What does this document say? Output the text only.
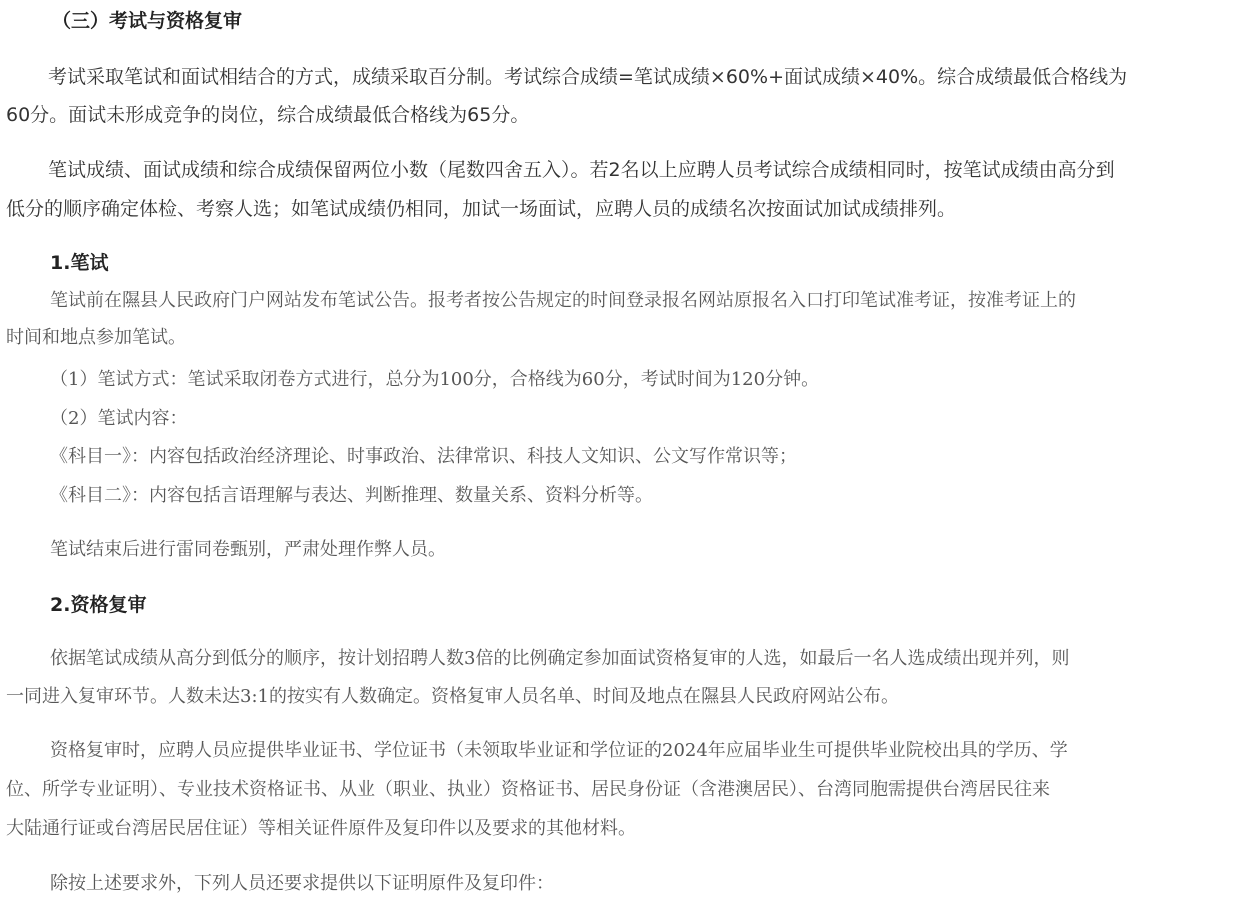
（三）考试与资格复审
考试采取笔试和面试相结合的方式，成绩采取百分制。考试综合成绩=笔试成绩×60%+面试成绩×40%。综合成绩最低合格线为
60分。面试未形成竞争的岗位，综合成绩最低合格线为65分。
笔试成绩、面试成绩和综合成绩保留两位小数（尾数四舍五入）。若2名以上应聘人员考试综合成绩相同时，按笔试成绩由高分到
低分的顺序确定体检、考察人选；如笔试成绩仍相同，加试一场面试，应聘人员的成绩名次按面试加试成绩排列。
1.笔试
笔试前在隰县人民政府门户网站发布笔试公告。报考者按公告规定的时间登录报名网站原报名入口打印笔试准考证，按准考证上的
时间和地点参加笔试。
（1）笔试方式：笔试采取闭卷方式进行，总分为100分，合格线为60分，考试时间为120分钟。
（2）笔试内容：
《科目一》：内容包括政治经济理论、时事政治、法律常识、科技人文知识、公文写作常识等；
《科目二》：内容包括言语理解与表达、判断推理、数量关系、资料分析等。
笔试结束后进行雷同卷甄别，严肃处理作弊人员。
2.资格复审
依据笔试成绩从高分到低分的顺序，按计划招聘人数3倍的比例确定参加面试资格复审的人选，如最后一名人选成绩出现并列，则
一同进入复审环节。人数未达3:1的按实有人数确定。资格复审人员名单、时间及地点在隰县人民政府网站公布。
资格复审时，应聘人员应提供毕业证书、学位证书（未领取毕业证和学位证的2024年应届毕业生可提供毕业院校出具的学历、学
位、所学专业证明）、专业技术资格证书、从业（职业、执业）资格证书、居民身份证（含港澳居民）、台湾同胞需提供台湾居民往来
大陆通行证或台湾居民居住证）等相关证件原件及复印件以及要求的其他材料。
除按上述要求外，下列人员还要求提供以下证明原件及复印件：
